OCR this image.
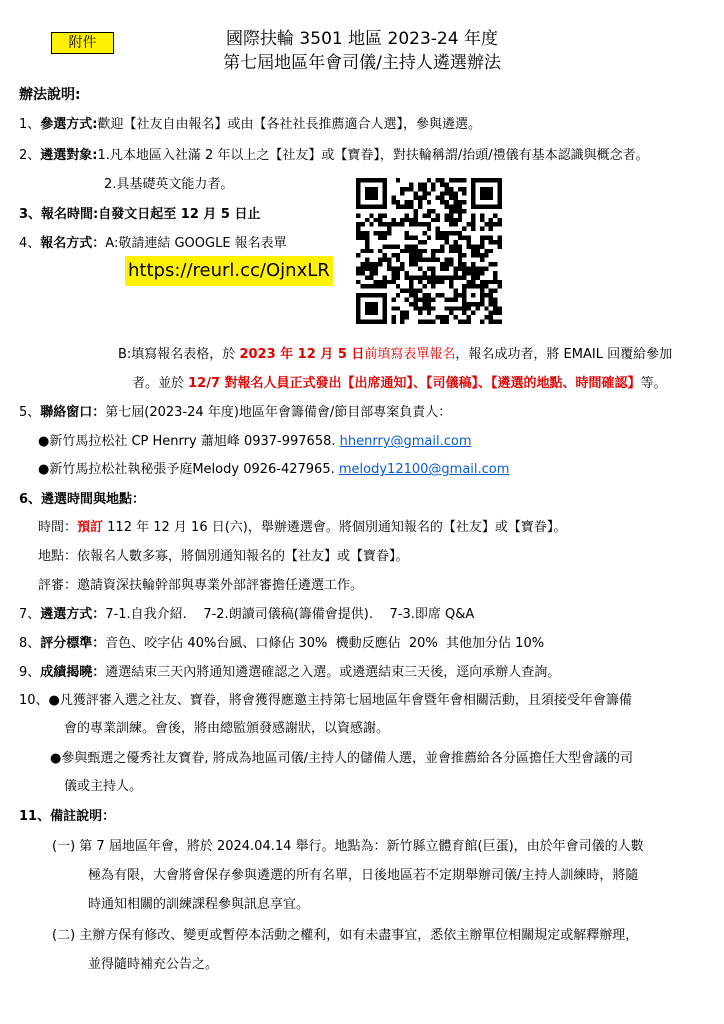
附件	國際扶輪 3501 地區 2023-24 年度
第七屆地區年會司儀/主持人遴選辦法
辦法說明:
1、參選方式:歡迎【社友自由報名】或由【各社社長推薦適合人選】，參與遴選。
2、遴選對象:1.凡本地區入社滿 2 年以上之【社友】或【寶眷】，對扶輪稱謂/抬頭/禮儀有基本認識與概念者。
2.具基礎英文能力者。
3、報名時間:自發文日起至 12 月 5 日止
4、報名方式：A:敬請連結 GOOGLE 報名表單
https://reurl.cc/OjnxLR
B:填寫報名表格，於 2023 年 12 月 5 日前填寫表單報名，報名成功者，將 EMAIL 回覆給參加
者。並於 12/7 對報名人員正式發出【出席通知】、【司儀稿】、【遴選的地點、時間確認】等。
5、聯絡窗口：第七屆(2023-24 年度)地區年會籌備會/節目部專案負責人：
●新竹馬拉松社 CP Henrry 蕭旭峰 0937-997658. hhenrry@gmail.com
●新竹馬拉松社執秘張予庭Melody 0926-427965. melody12100@gmail.com
6、遴選時間與地點：
時間：預訂 112 年 12 月 16 日(六)，舉辦遴選會。將個別通知報名的【社友】或【寶眷】。
地點：依報名人數多寡，將個別通知報名的【社友】或【寶眷】。
評審：邀請資深扶輪幹部與專業外部評審擔任遴選工作。
7、遴選方式：7-1.自我介紹.    7-2.朗讀司儀稿(籌備會提供).    7-3.即席 Q&A
8、評分標準：音色、咬字佔 40%台風、口條佔 30%  機動反應佔  20%  其他加分佔 10%
9、成績揭曉：遴選結束三天內將通知遴選確認之入選。或遴選結束三天後，逕向承辦人查詢。
10、●凡獲評審入選之社友、寶眷，將會獲得應邀主持第七屆地區年會暨年會相關活動，且須接受年會籌備
會的專業訓練。會後，將由總監頒發感謝狀，以資感謝。
●參與甄選之優秀社友寶眷, 將成為地區司儀/主持人的儲備人選，並會推薦給各分區擔任大型會議的司
儀或主持人。
11、備註說明：
(一) 第 7 屆地區年會，將於 2024.04.14 舉行。地點為：新竹縣立體育館(巨蛋)，由於年會司儀的人數
極為有限，大會將會保存參與遴選的所有名單，日後地區若不定期舉辦司儀/主持人訓練時，將隨
時通知相關的訓練課程參與訊息享宜。
(二) 主辦方保有修改、變更或暫停本活動之權利，如有未盡事宜，悉依主辦單位相關規定或解釋辦理，
並得隨時補充公告之。
